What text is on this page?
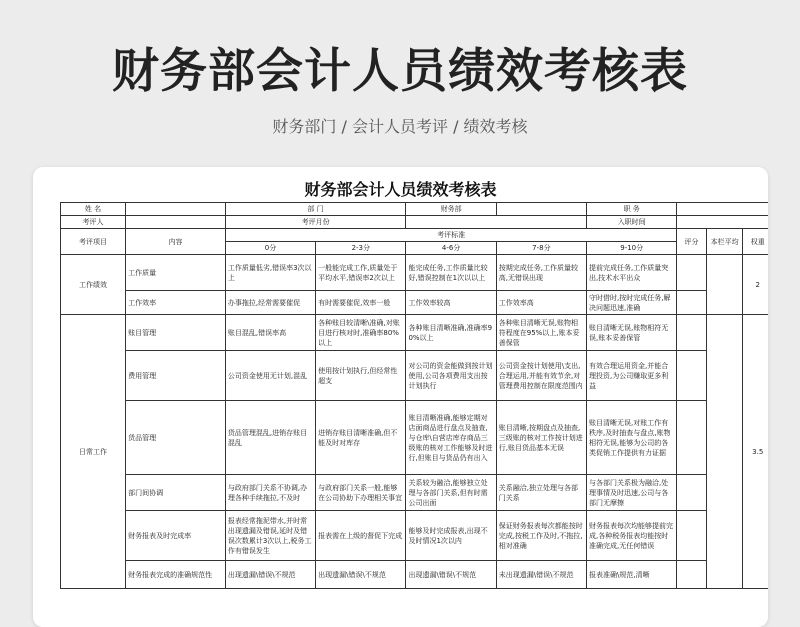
财务部会计人员绩效考核表
财务部门 / 会计人员考评 / 绩效考核
财务部会计人员绩效考核表
姓 名		部 门		财务部		职 务			
考评人		考评月份				入职时间			
考评项目	内容	考评标准					评分	本栏平均	权重
		0分	2-3分	4-6分	7-8分	9-10分			
工作绩效	工作质量	工作质量低劣,错误率3次以上	一般能完成工作,质量处于平均水平,错误率2次以上	能完成任务,工作质量比较好,错误控制在1次以以上	按期完成任务,工作质量较高,无错误出现	提前完成任务,工作质量突出,技术水平出众			2
	工作效率	办事拖拉,经常需要催促	有时需要催促,效率一般	工作效率较高	工作效率高	守时借时,按时完成任务,解决问题迅速,准确			
日常工作	账目管理	账目混乱,错误率高	各种账目较清晰\准确,对账目进行核对时,准确率80%以上	各种账目清晰准确,准确率90%以上	各种账目清晰无误,账物相符程度在95%以上,账本妥善保管	账目清晰无误,账物相符无误,账本妥善保管			3.5
	费用管理	公司资金使用无计划,混乱	使用按计划执行,但经常性超支	对公司的资金能做到按计划使用,公司各项费用支出按计划执行	公司资金按计划使用\支出,合理运用,并能有效节余,对管理费用控制在限度范围内	有效合理运用资金,并能合理投资,为公司赚取更多利益			
	货品管理	货品管理混乱,进销存账目混乱	进销存账目清晰准确,但不能及时对库存	账目清晰准确,能够定期对店面商品进行盘点及抽查,与仓库\自营店库存商品三级账的核对工作能够及时进行,但账目与货品仍有出入	账目清晰,按期盘点及抽查,三级账的核对工作按计划进行,账目货品基本无误	账目清晰无误,对账工作有秩序,及时抽查与盘点,账物相符无误,能够为公司的各类促销工作提供有力证据			
	部门间协调	与政府部门关系不协调,办理各种手续拖拉,不及时	与政府部门关系一般,能够在公司协助下办理相关事宜	关系较为融洽,能够独立处理与各部门关系,但有时需公司出面	关系融洽,独立处理与各部门关系	与各部门关系极为融洽,处理事情及时迅速,公司与各部门无摩擦			
	财务报表及时完成率	报表经常拖泥带水,并时常出现遗漏及错误,延时及错误次数累计3次以上,税务工作有错误发生	报表需在上级的督促下完成	能够及时完成报表,出现不及时情况1次以内	保证财务报表每次都能按时完成,按税工作及时,不拖拉,相对准确	财务报表每次均能够提前完成,各种税务报表均能按时准确完成,无任何错误			
	财务报表完成的准确规范性	出现遗漏\错误\不规范	出现遗漏\错误\不规范	出现遗漏\错误\不规范	未出现遗漏\错误\不规范	报表准确\规范,清晰			
